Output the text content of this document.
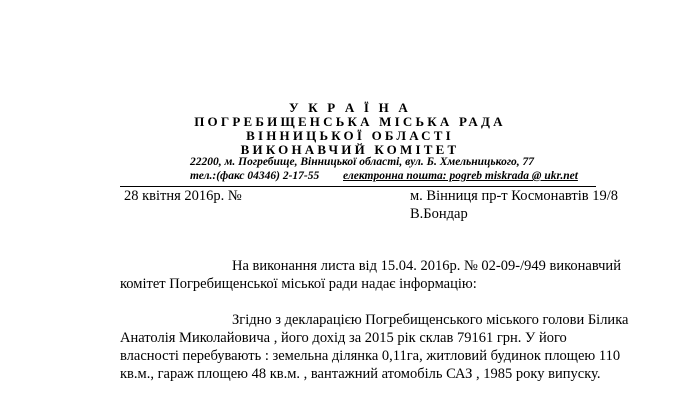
У К Р А Ї Н А
ПОГРЕБИЩЕНСЬКА МІСЬКА РАДА
ВІННИЦЬКОЇ ОБЛАСТІ
ВИКОНАВЧИЙ КОМІТЕТ
22200, м. Погребище, Вінницької області, вул. Б. Хмельницького, 77
тел.:(факс 04346) 2-17-55 електронна пошта: pogreb miskrada @ ukr.net
28 квітня 2016р. №	м. Вінниця пр-т Космонавтів 19/8
В.Бондар
На виконання листа від 15.04. 2016р. № 02-09-/949 виконавчий
комітет Погребищенської міської ради надає інформацію:
Згідно з декларацією Погребищенського міського голови Білика
Анатолія Миколайовича , його дохід за 2015 рік склав 79161 грн. У його
власності перебувають : земельна ділянка 0,11га, житловий будинок площею 110
кв.м., гараж площею 48 кв.м. , вантажний атомобіль САЗ , 1985 року випуску.
